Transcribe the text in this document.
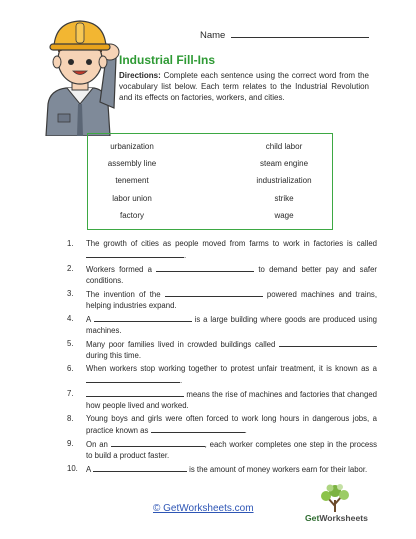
Name
Industrial Fill-Ins
Directions: Complete each sentence using the correct word from the vocabulary list below. Each term relates to the Industrial Revolution and its effects on factories, workers, and cities.
urbanization
assembly line
tenement
labor union
factory
child labor
steam engine
industrialization
strike
wage
1.	The growth of cities as people moved from farms to work in factories is called .
2.	Workers formed a	to demand better pay and safer conditions.
3.	The invention of the	powered machines and trains, helping industries expand.
4.	A	is a large building where goods are produced using machines.
5.	Many poor families lived in crowded buildings called  during this time.
6.	When workers stop working together to protest unfair treatment, it is known as a .
7.	means the rise of machines and factories that changed how people lived and worked.
8.	Young boys and girls were often forced to work long hours in dangerous jobs, a practice known as	.
9.	On an	, each worker completes one step in the process to build a product faster.
10.	A	is the amount of money workers earn for their labor.
© GetWorksheets.com
GetWorksheets
